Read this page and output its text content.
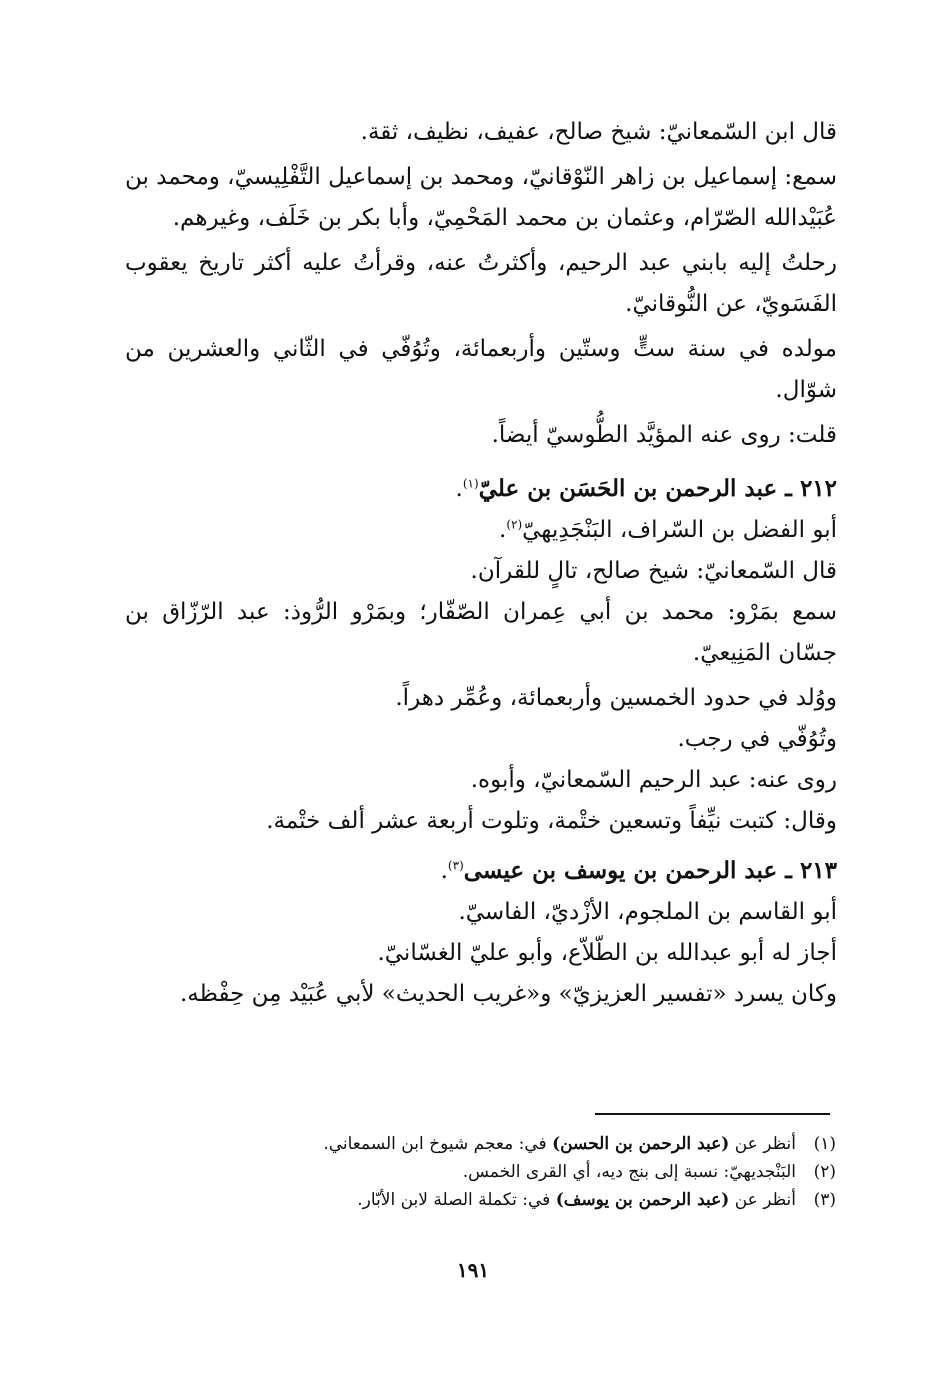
قال ابن السّمعانيّ: شيخ صالح، عفيف، نظيف، ثقة.

سمع: إسماعيل بن زاهر النّوْقانيّ، ومحمد بن إسماعيل التَّفْلِيسيّ، ومحمد بن عُبَيْدالله الصّرّام، وعثمان بن محمد المَحْمِيّ، وأبا بكر بن خَلَف، وغيرهم.

رحلتُ إليه بابني عبد الرحيم، وأكثرتُ عنه، وقرأتُ عليه أكثر تاريخ يعقوب الفَسَويّ، عن النُّوقانيّ.

مولده في سنة ستٍّ وستّين وأربعمائة، وتُوُفّي في الثّاني والعشرين من شوّال.

قلت: روى عنه المؤيَّد الطُّوسيّ أيضاً.

٢١٢ ـ عبد الرحمن بن الحَسَن بن عليّ$^{(١)}$.

أبو الفضل بن السّراف، البَنْجَدِيهيّ$^{(٢)}$.

قال السّمعانيّ: شيخ صالح، تالٍ للقرآن.

سمع بمَرْو: محمد بن أبي عِمران الصّفّار؛ وبمَرْو الرُّوذ: عبد الرّزّاق بن جسّان المَنِيعيّ.

ووُلد في حدود الخمسين وأربعمائة، وعُمِّر دهراً.

وتُوُفّي في رجب.

روى عنه: عبد الرحيم السّمعانيّ، وأبوه.

وقال: كتبت نيِّفاً وتسعين ختْمة، وتلوت أربعة عشر ألف ختْمة.

٢١٣ ـ عبد الرحمن بن يوسف بن عيسى$^{(٣)}$.

أبو القاسم بن الملجوم، الأزْديّ، الفاسيّ.

أجاز له أبو عبدالله بن الطّلاّع، وأبو عليّ الغسّانيّ.

وكان يسرد «تفسير العزيزيّ» و«غريب الحديث» لأبي عُبَيْد مِن حِفْظه.

(١)
أنظر عن (عبد الرحمن بن الحسن) في: معجم شيوخ ابن السمعاني.

(٢)
البَنْجديهيّ: نسبة إلى بنج ديه، أي القرى الخمس.

(٣)
أنظر عن (عبد الرحمن بن يوسف) في: تكملة الصلة لابن الأبّار.

١٩١
